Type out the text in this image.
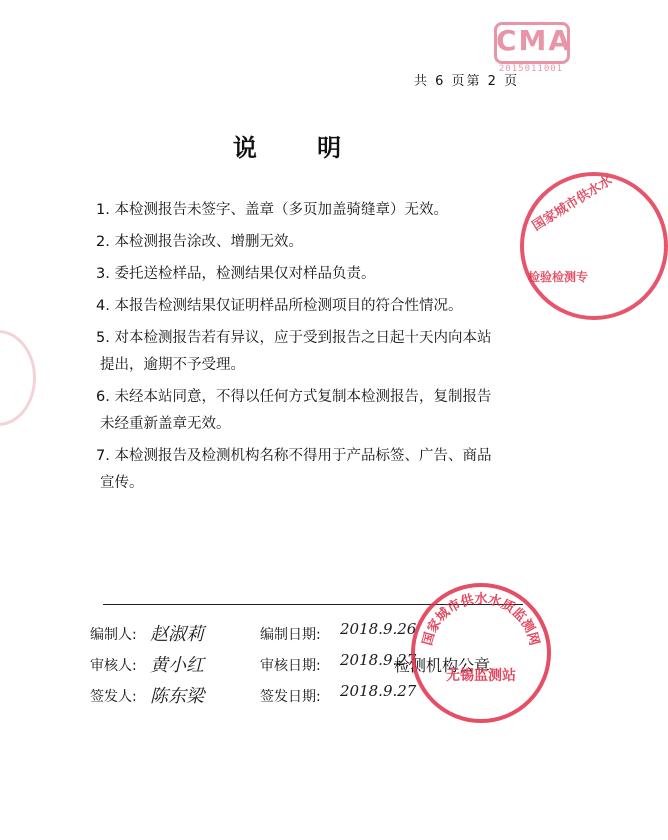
CMA
2015011001
共 6 页第 2 页
说 明
1. 本检测报告未签字、盖章（多页加盖骑缝章）无效。
2. 本检测报告涂改、增删无效。
3. 委托送检样品，检测结果仅对样品负责。
4. 本报告检测结果仅证明样品所检测项目的符合性情况。
5. 对本检测报告若有异议，应于受到报告之日起十天内向本站
提出，逾期不予受理。
6. 未经本站同意，不得以任何方式复制本检测报告，复制报告
未经重新盖章无效。
7. 本检测报告及检测机构名称不得用于产品标签、广告、商品
宣传。
国家城市供水水
检验检测专
编制人: 赵淑莉	编制日期: 2018.9.26
审核人: 黄小红	审核日期: 2018.9.27
检测机构公章
签发人: 陈东梁	签发日期: 2018.9.27
国家城市供水水质监测网
无锡监测站
